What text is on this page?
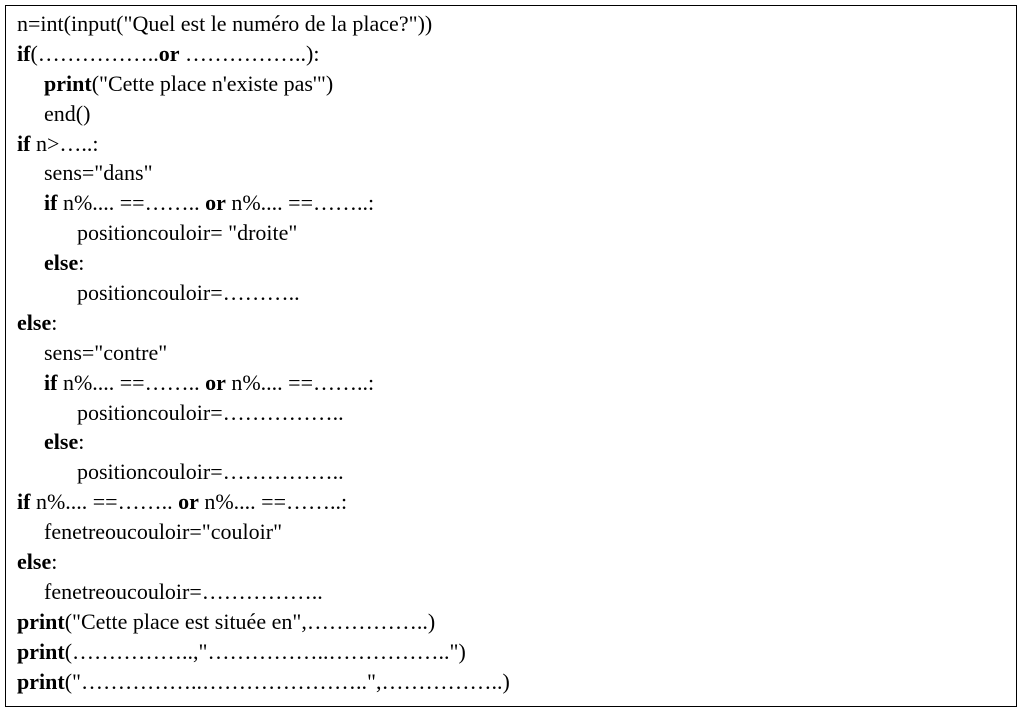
n=int(input("Quel est le numéro de la place?"))
if(……………..or ……………..):
print("Cette place n'existe pas'")
end()
if n>…..:
sens="dans"
if n%.... ==…….. or n%.... ==……..:
positioncouloir= "droite"
else:
positioncouloir=………..
else:
sens="contre"
if n%.... ==…….. or n%.... ==……..:
positioncouloir=……………..
else:
positioncouloir=……………..
if n%.... ==…….. or n%.... ==……..:
fenetreoucouloir="couloir"
else:
fenetreoucouloir=……………..
print("Cette place est située en",……………..)
print(……………..,"……………..……………..")
print("……………..…………………..",……………..)
